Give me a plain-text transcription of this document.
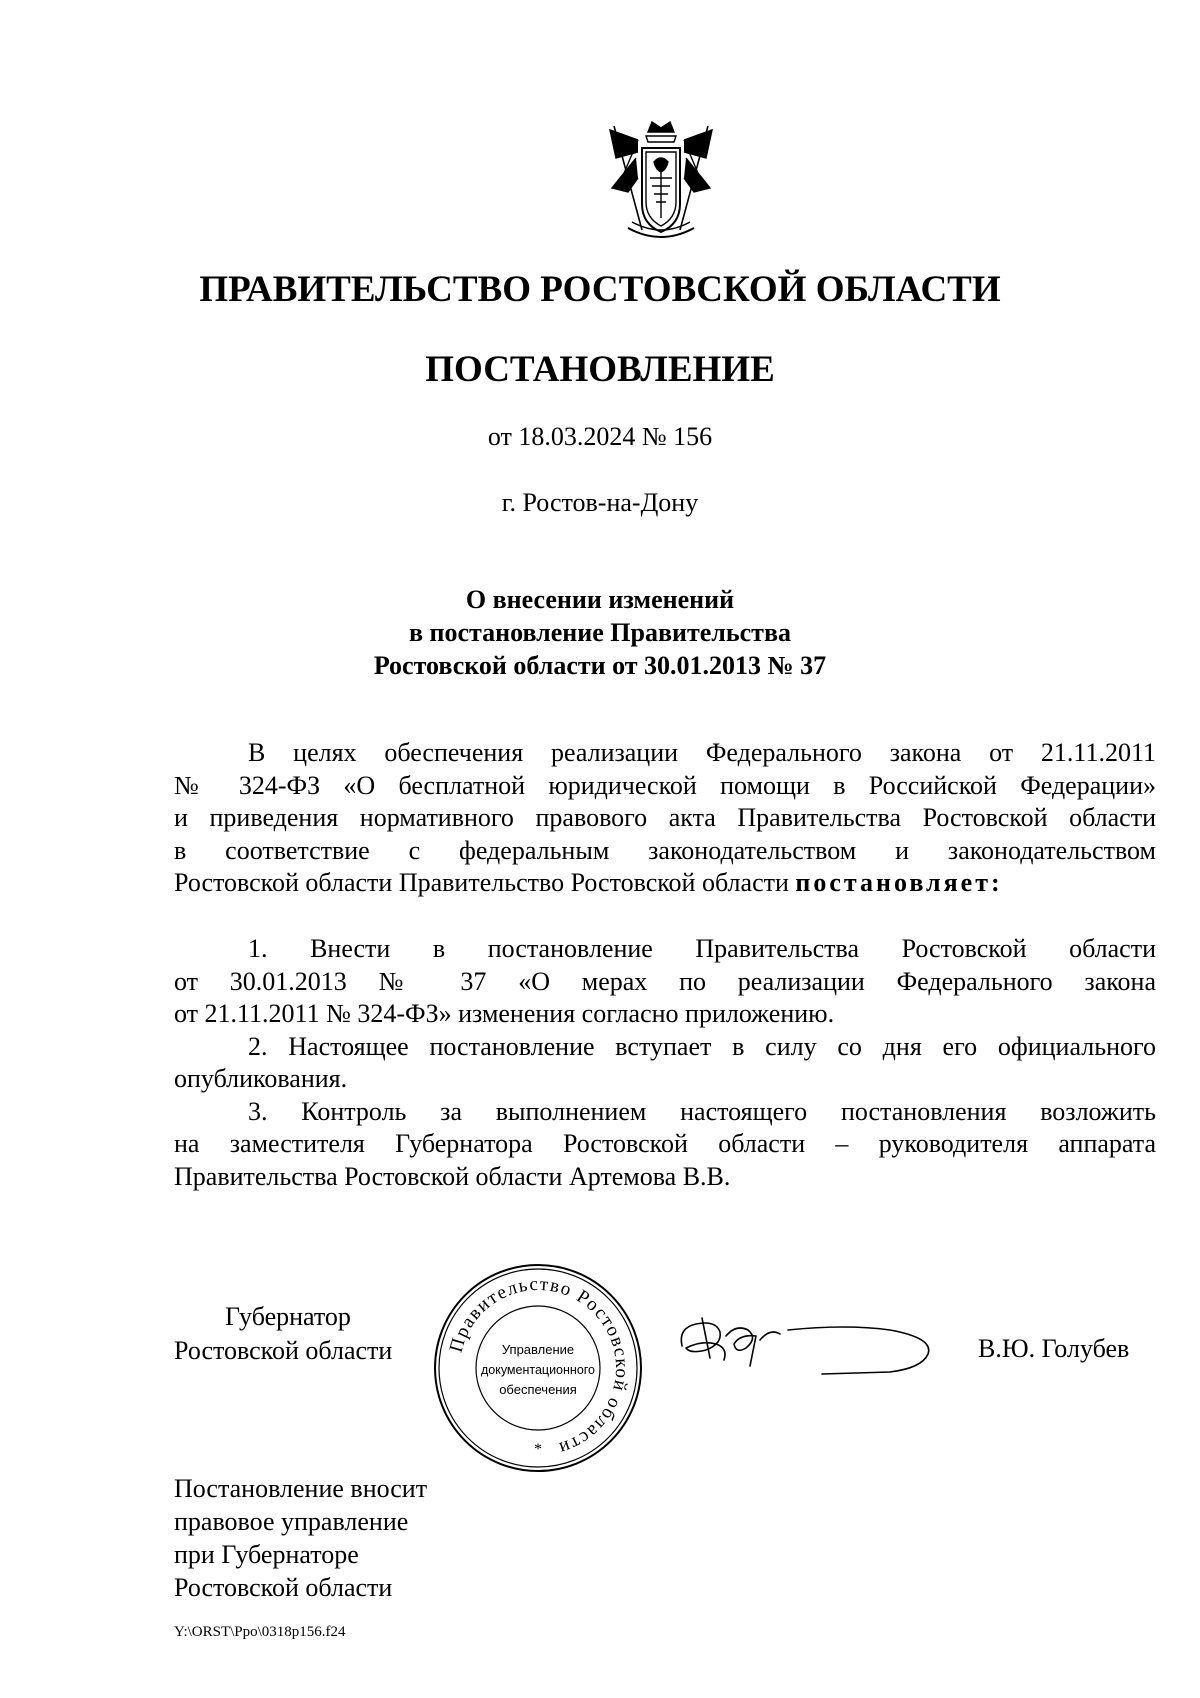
ПРАВИТЕЛЬСТВО РОСТОВСКОЙ ОБЛАСТИ
ПОСТАНОВЛЕНИЕ
от 18.03.2024 № 156
г. Ростов-на-Дону
О внесении изменений
в постановление Правительства
Ростовской области от 30.01.2013 № 37
В целях обеспечения реализации Федерального закона от 21.11.2011
№ 324-ФЗ «О бесплатной юридической помощи в Российской Федерации»
и приведения нормативного правового акта Правительства Ростовской области
в соответствие с федеральным законодательством и законодательством
Ростовской области Правительство Ростовской области постановляет:
1. Внести в постановление Правительства Ростовской области
от 30.01.2013 № 37 «О мерах по реализации Федерального закона
от 21.11.2011 № 324-ФЗ» изменения согласно приложению.
2. Настоящее постановление вступает в силу со дня его официального
опубликования.
3. Контроль за выполнением настоящего постановления возложить
на заместителя Губернатора Ростовской области – руководителя аппарата
Правительства Ростовской области Артемова В.В.
Губернатор
Ростовской области	Правительство Ростовской области
Управление
документационного
обеспечения
*
В.Ю. Голубев
Постановление вносит
правовое управление
при Губернаторе
Ростовской области
Y:\ORST\Ppo\0318p156.f24
